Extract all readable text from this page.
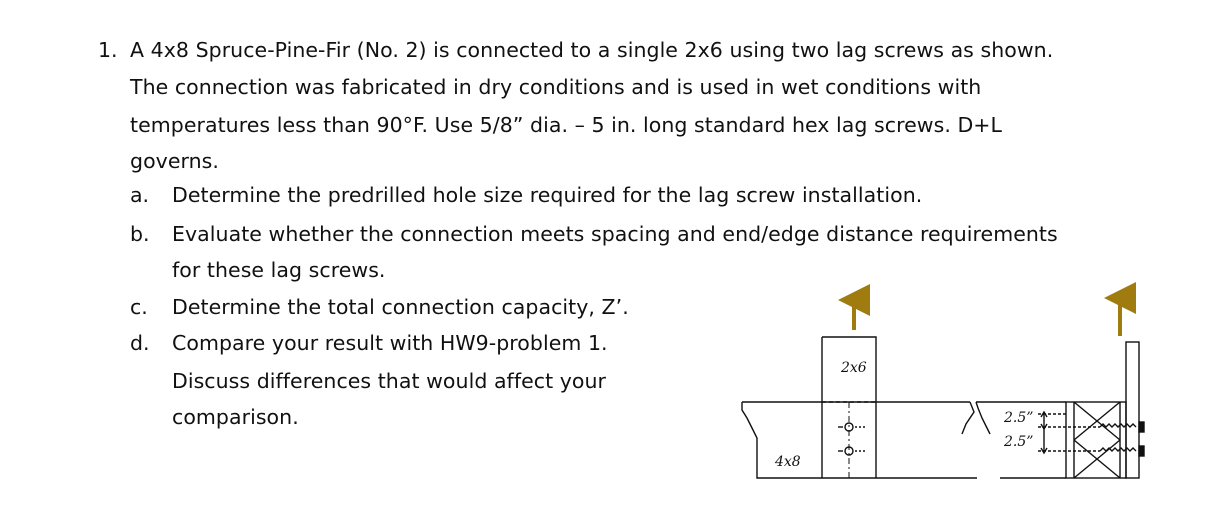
1. A 4x8 Spruce-Pine-Fir (No. 2) is connected to a single 2x6 using two lag screws as shown.
The connection was fabricated in dry conditions and is used in wet conditions with
temperatures less than 90°F. Use 5/8” dia. – 5 in. long standard hex lag screws. D+L
governs.
a. Determine the predrilled hole size required for the lag screw installation.
b. Evaluate whether the connection meets spacing and end/edge distance requirements
for these lag screws.
c. Determine the total connection capacity, Z’.
d. Compare your result with HW9-problem 1.
Discuss differences that would affect your
comparison.
2x6
4x8
2.5”
2.5”
